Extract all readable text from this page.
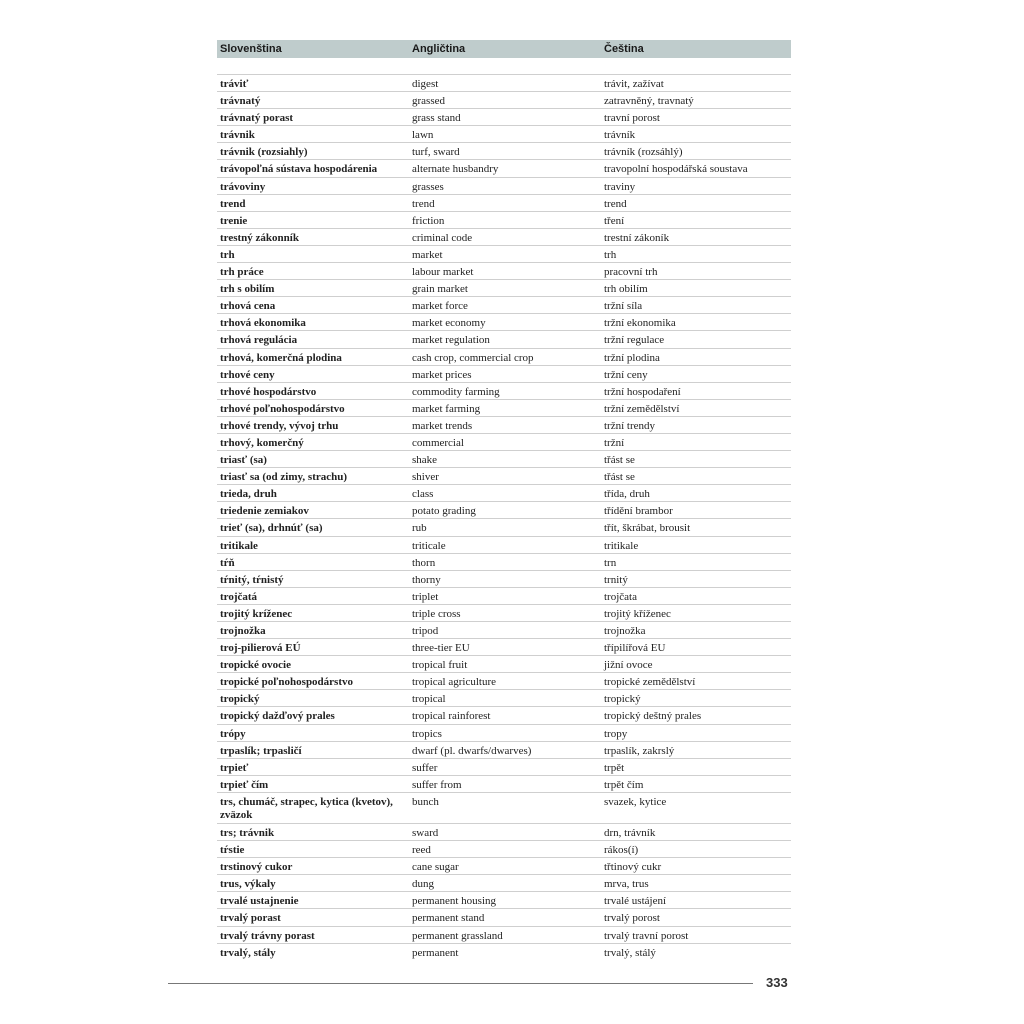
Slovenština	Angličtina	Čeština
tráviť	digest	trávit, zažívat
trávnatý	grassed	zatravněný, travnatý
trávnatý porast	grass stand	travní porost
trávnik	lawn	trávník
trávnik (rozsiahly)	turf, sward	trávník (rozsáhlý)
trávopoľná sústava hospodárenia	alternate husbandry	travopolní hospodářská soustava
trávoviny	grasses	traviny
trend	trend	trend
trenie	friction	tření
trestný zákonník	criminal code	trestní zákoník
trh	market	trh
trh práce	labour market	pracovní trh
trh s obilím	grain market	trh obilím
trhová cena	market force	tržní síla
trhová ekonomika	market economy	tržní ekonomika
trhová regulácia	market regulation	tržní regulace
trhová, komerčná plodina	cash crop, commercial crop	tržní plodina
trhové ceny	market prices	tržní ceny
trhové hospodárstvo	commodity farming	tržní hospodaření
trhové poľnohospodárstvo	market farming	tržní zemědělství
trhové trendy, vývoj trhu	market trends	tržní trendy
trhový, komerčný	commercial	tržní
triasť (sa)	shake	třást se
triasť sa (od zimy, strachu)	shiver	třást se
trieda, druh	class	třída, druh
triedenie zemiakov	potato grading	třídění brambor
trieť (sa), drhnúť (sa)	rub	třít, škrábat, brousit
tritikale	triticale	tritikale
tŕň	thorn	trn
tŕnitý, tŕnistý	thorny	trnitý
trojčatá	triplet	trojčata
trojitý kríženec	triple cross	trojitý kříženec
trojnožka	tripod	trojnožka
troj-pilierová EÚ	three-tier EU	třípilířová EU
tropické ovocie	tropical fruit	jižní ovoce
tropické poľnohospodárstvo	tropical agriculture	tropické zemědělství
tropický	tropical	tropický
tropický dažďový prales	tropical rainforest	tropický deštný prales
trópy	tropics	tropy
trpaslík; trpasličí	dwarf (pl. dwarfs/dwarves)	trpaslík, zakrslý
trpieť	suffer	trpět
trpieť čím	suffer from	trpět čím
trs, chumáč, strapec, kytica (kvetov), zväzok
bunch	svazek, kytice
trs; trávnik	sward	drn, trávník
tŕstie	reed	rákos(í)
trstinový cukor	cane sugar	třtinový cukr
trus, výkaly	dung	mrva, trus
trvalé ustajnenie	permanent housing	trvalé ustájení
trvalý porast	permanent stand	trvalý porost
trvalý trávny porast	permanent grassland	trvalý travní porost
trvalý, stály	permanent	trvalý, stálý
333
